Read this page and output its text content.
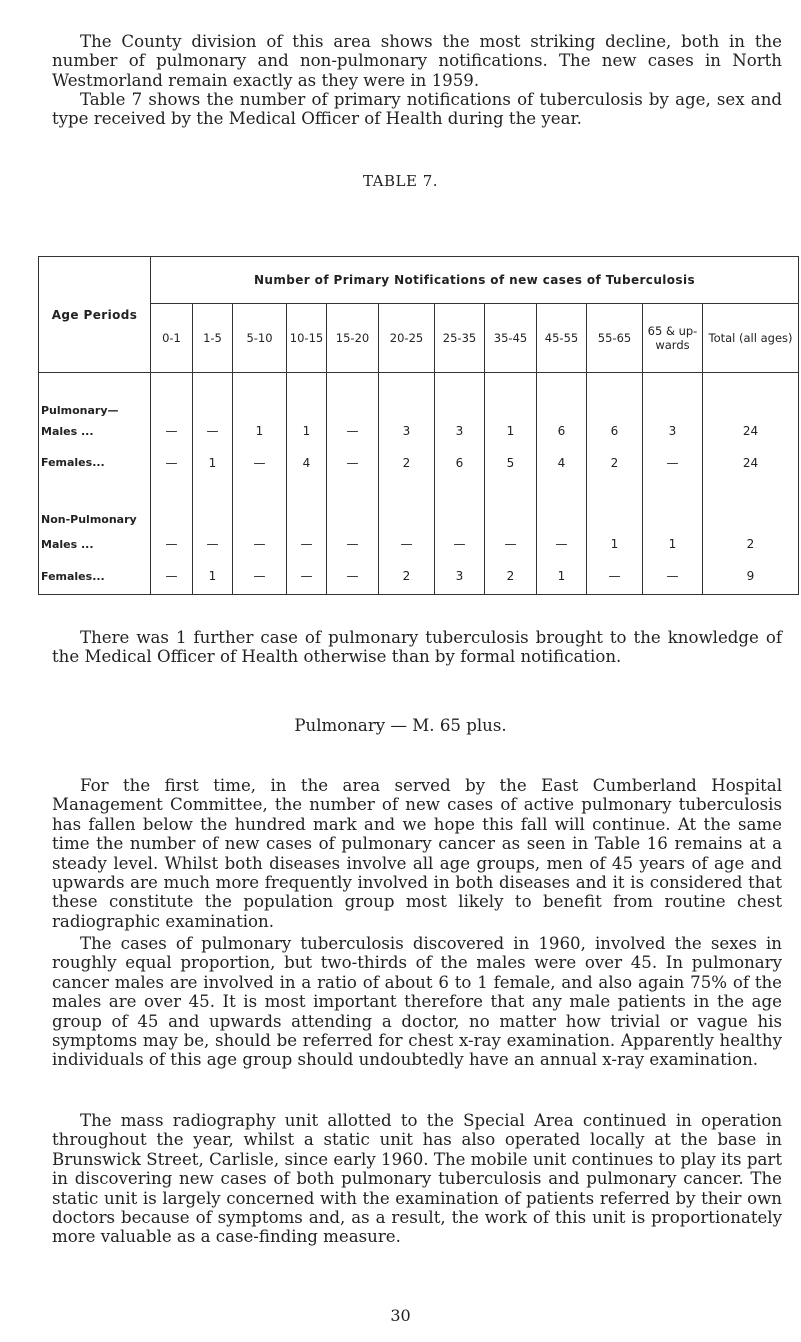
The County division of this area shows the most striking decline, both in the number of pulmonary and non-pulmonary notifications. The new cases in North Westmorland remain exactly as they were in 1959.

Table 7 shows the number of primary notifications of tuberculosis by age, sex and type received by the Medical Officer of Health during the year.

TABLE 7.
Age Periods	Number of Primary Notifications of new cases of Tuberculosis											
	0-1	1-5	5-10	10-15	15-20	20-25	25-35	35-45	45-55	55-65	65 & up-wards	Total (all ages)
Pulmonary—												
Males ...	—	—	1	1	—	3	3	1	6	6	3	24
Females...	—	1	—	4	—	2	6	5	4	2	—	24
Non-Pulmonary												
Males ...	—	—	—	—	—	—	—	—	—	1	1	2
Females...	—	1	—	—	—	2	3	2	1	—	—	9

There was 1 further case of pulmonary tuberculosis brought to the knowledge of the Medical Officer of Health otherwise than by formal notification.

Pulmonary — M. 65 plus.

For the first time, in the area served by the East Cumberland Hospital Management Committee, the number of new cases of active pulmonary tuberculosis has fallen below the hundred mark and we hope this fall will continue. At the same time the number of new cases of pulmonary cancer as seen in Table 16 remains at a steady level. Whilst both diseases involve all age groups, men of 45 years of age and upwards are much more frequently involved in both diseases and it is considered that these constitute the population group most likely to benefit from routine chest radiographic examination.

The cases of pulmonary tuberculosis discovered in 1960, involved the sexes in roughly equal proportion, but two-thirds of the males were over 45. In pulmonary cancer males are involved in a ratio of about 6 to 1 female, and also again 75% of the males are over 45. It is most important therefore that any male patients in the age group of 45 and upwards attending a doctor, no matter how trivial or vague his symptoms may be, should be referred for chest x-ray examination. Apparently healthy individuals of this age group should undoubtedly have an annual x-ray examination.

The mass radiography unit allotted to the Special Area continued in operation throughout the year, whilst a static unit has also operated locally at the base in Brunswick Street, Carlisle, since early 1960. The mobile unit continues to play its part in discovering new cases of both pulmonary tuberculosis and pulmonary cancer. The static unit is largely concerned with the examination of patients referred by their own doctors because of symptoms and, as a result, the work of this unit is proportionately more valuable as a case-finding measure.

30
